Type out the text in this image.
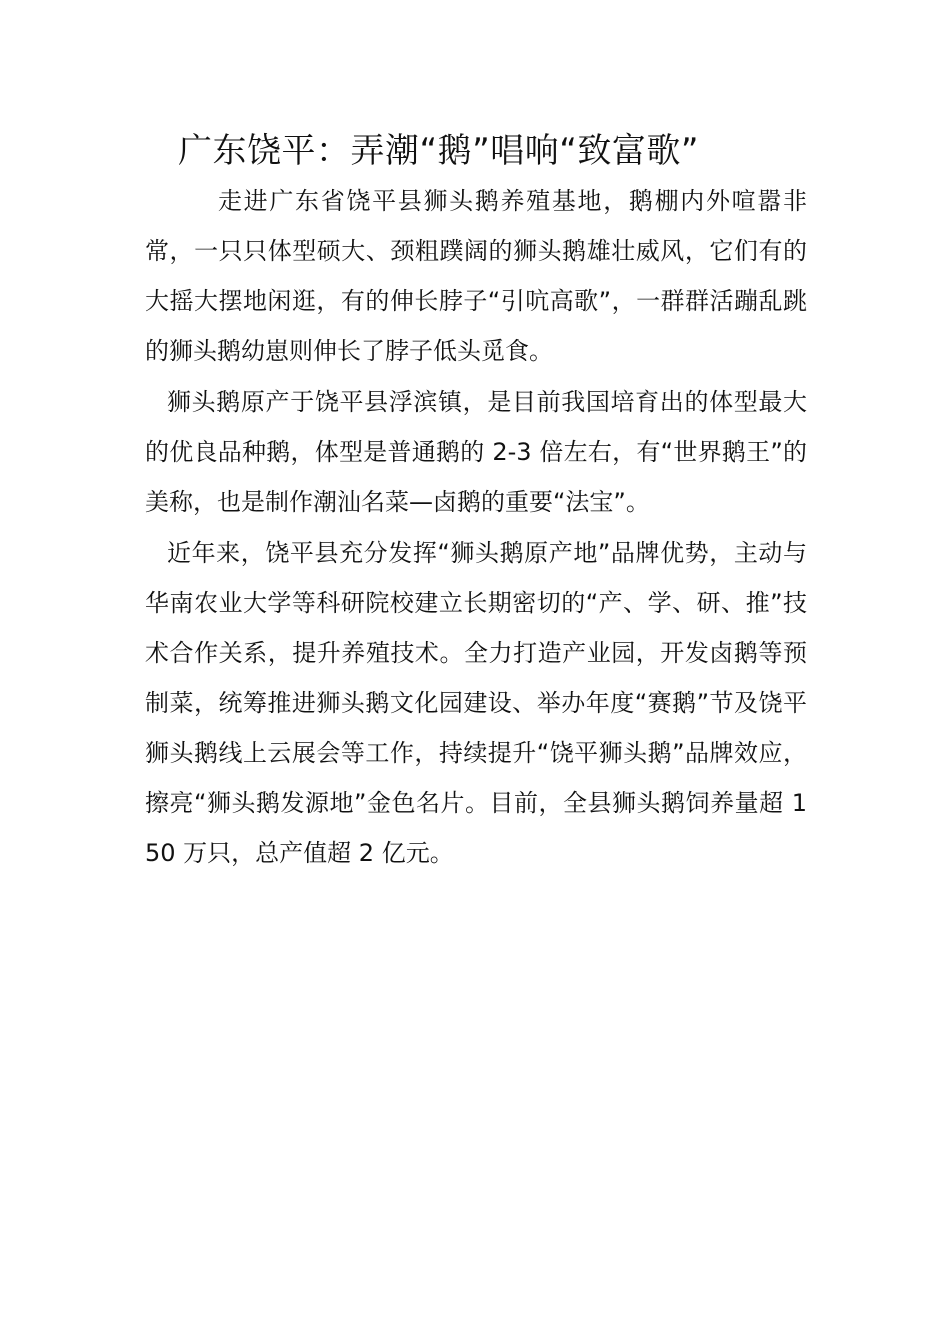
广东饶平：弄潮“鹅”唱响“致富歌”

走进广东省饶平县狮头鹅养殖基地，鹅棚内外喧嚣非常，一只只体型硕大、颈粗蹼阔的狮头鹅雄壮威风，它们有的大摇大摆地闲逛，有的伸长脖子“引吭高歌”，一群群活蹦乱跳的狮头鹅幼崽则伸长了脖子低头觅食。

狮头鹅原产于饶平县浮滨镇，是目前我国培育出的体型最大的优良品种鹅，体型是普通鹅的 2-3 倍左右，有“世界鹅王”的美称，也是制作潮汕名菜—卤鹅的重要“法宝”。

近年来，饶平县充分发挥“狮头鹅原产地”品牌优势，主动与华南农业大学等科研院校建立长期密切的“产、学、研、推”技术合作关系，提升养殖技术。全力打造产业园，开发卤鹅等预制菜，统筹推进狮头鹅文化园建设、举办年度“赛鹅”节及饶平狮头鹅线上云展会等工作，持续提升“饶平狮头鹅”品牌效应，擦亮“狮头鹅发源地”金色名片。目前，全县狮头鹅饲养量超 150 万只，总产值超 2 亿元。
